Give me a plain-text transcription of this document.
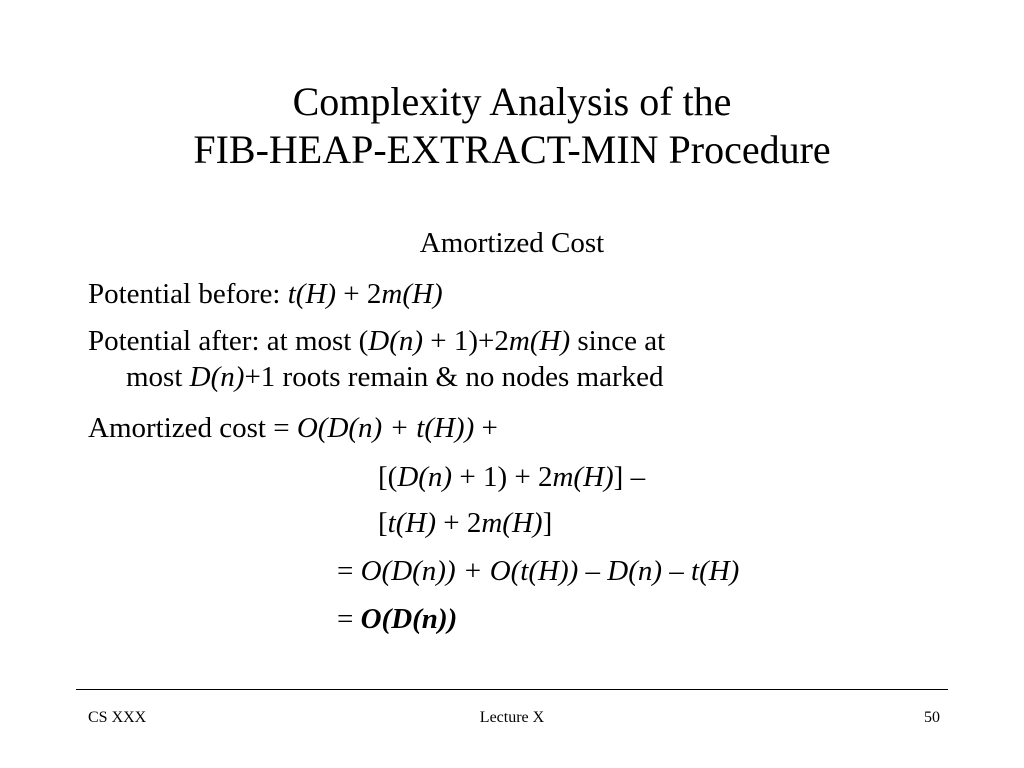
Complexity Analysis of the
FIB-HEAP-EXTRACT-MIN Procedure
Amortized Cost
Potential before: t(H) + 2m(H)
Potential after: at most (D(n) + 1)+2m(H) since at
most D(n)+1 roots remain & no nodes marked
Amortized cost = O(D(n) + t(H)) +
[(D(n) + 1) + 2m(H)] –
[t(H) + 2m(H)]
= O(D(n)) + O(t(H)) – D(n) – t(H)
= O(D(n))
CS XXX	Lecture X	50
